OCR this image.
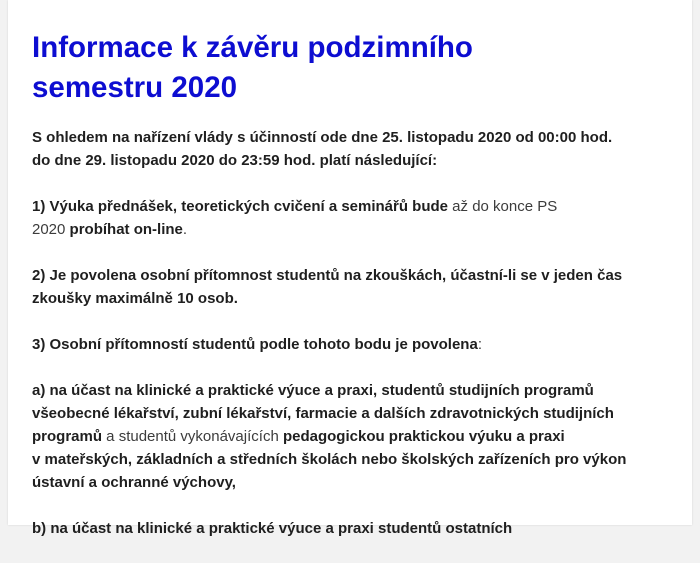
Informace k závěru podzimního
semestru 2020

S ohledem na nařízení vlády s účinností ode dne 25. listopadu 2020 od 00:00 hod.
do dne 29. listopadu 2020 do 23:59 hod. platí následující:

1) Výuka přednášek, teoretických cvičení a seminářů bude až do konce PS
2020 probíhat on-line.

2) Je povolena osobní přítomnost studentů na zkouškách, účastní-li se v jeden čas
zkoušky maximálně 10 osob.

3) Osobní přítomností studentů podle tohoto bodu je povolena:

a) na účast na klinické a praktické výuce a praxi, studentů studijních programů
všeobecné lékařství, zubní lékařství, farmacie a dalších zdravotnických studijních
programů a studentů vykonávajících pedagogickou praktickou výuku a praxi
v mateřských, základních a středních školách nebo školských zařízeních pro výkon
ústavní a ochranné výchovy,

b) na účast na klinické a praktické výuce a praxi studentů ostatních
